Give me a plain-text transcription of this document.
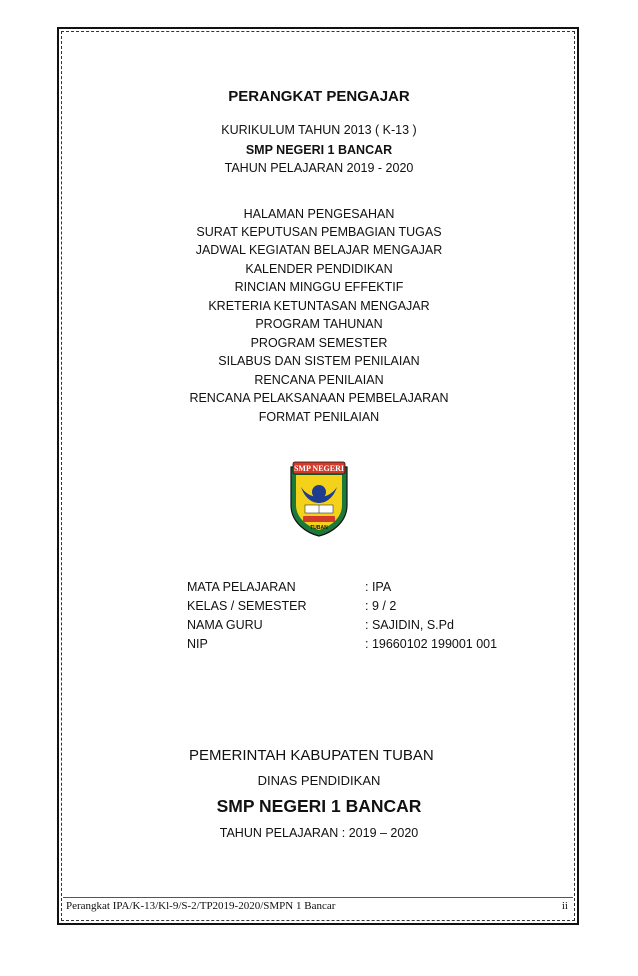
PERANGKAT PENGAJAR
KURIKULUM TAHUN 2013 ( K-13 )
SMP NEGERI 1 BANCAR
TAHUN PELAJARAN 2019 - 2020
HALAMAN PENGESAHAN
SURAT KEPUTUSAN PEMBAGIAN TUGAS
JADWAL KEGIATAN BELAJAR MENGAJAR
KALENDER PENDIDIKAN
RINCIAN MINGGU EFFEKTIF
KRETERIA KETUNTASAN MENGAJAR
PROGRAM TAHUNAN
PROGRAM SEMESTER
SILABUS DAN SISTEM PENILAIAN
RENCANA PENILAIAN
RENCANA PELAKSANAAN PEMBELAJARAN
FORMAT PENILAIAN
SMP NEGERI
TUBAN
MATA PELAJARAN	: IPA
KELAS / SEMESTER	: 9 / 2
NAMA GURU	: SAJIDIN, S.Pd
NIP	: 19660102 199001 001
PEMERINTAH KABUPATEN TUBAN
DINAS PENDIDIKAN
SMP NEGERI 1 BANCAR
TAHUN PELAJARAN : 2019 – 2020
Perangkat IPA/K-13/Kl-9/S-2/TP2019-2020/SMPN 1 Bancar	ii
